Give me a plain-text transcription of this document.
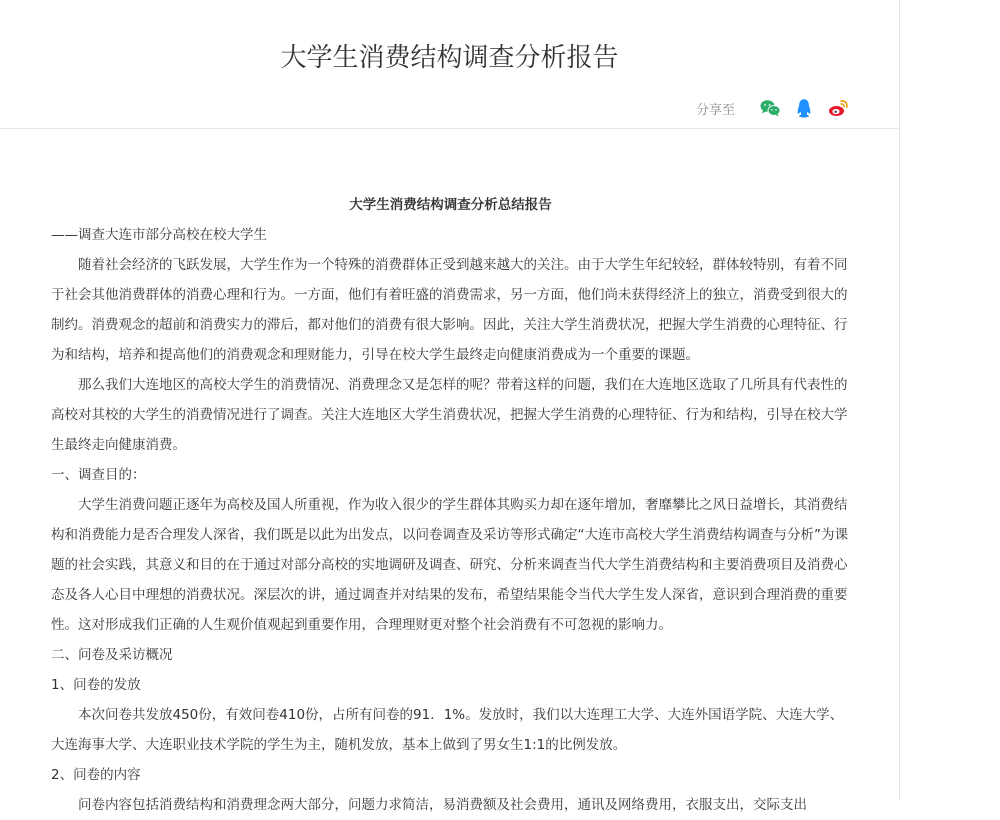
大学生消费结构调查分析报告
分享至

大学生消费结构调查分析总结报告

——调查大连市部分高校在校大学生

随着社会经济的飞跃发展，大学生作为一个特殊的消费群体正受到越来越大的关注。由于大学生年纪较轻，群体较特别，有着不同于社会其他消费群体的消费心理和行为。一方面，他们有着旺盛的消费需求，另一方面，他们尚未获得经济上的独立，消费受到很大的制约。消费观念的超前和消费实力的滞后，都对他们的消费有很大影响。因此，关注大学生消费状况，把握大学生消费的心理特征、行为和结构，培养和提高他们的消费观念和理财能力，引导在校大学生最终走向健康消费成为一个重要的课题。

那么我们大连地区的高校大学生的消费情况、消费理念又是怎样的呢？带着这样的问题，我们在大连地区选取了几所具有代表性的高校对其校的大学生的消费情况进行了调查。关注大连地区大学生消费状况，把握大学生消费的心理特征、行为和结构，引导在校大学生最终走向健康消费。

一、调查目的：

大学生消费问题正逐年为高校及国人所重视，作为收入很少的学生群体其购买力却在逐年增加，奢靡攀比之风日益增长，其消费结构和消费能力是否合理发人深省，我们既是以此为出发点，以问卷调查及采访等形式确定“大连市高校大学生消费结构调查与分析”为课题的社会实践，其意义和目的在于通过对部分高校的实地调研及调查、研究、分析来调查当代大学生消费结构和主要消费项目及消费心态及各人心目中理想的消费状况。深层次的讲，通过调查并对结果的发布，希望结果能令当代大学生发人深省，意识到合理消费的重要性。这对形成我们正确的人生观价值观起到重要作用，合理理财更对整个社会消费有不可忽视的影响力。

二、问卷及采访概况

1、问卷的发放

本次问卷共发放450份，有效问卷410份，占所有问卷的91．1%。发放时，我们以大连理工大学、大连外国语学院、大连大学、大连海事大学、大连职业技术学院的学生为主，随机发放，基本上做到了男女生1:1的比例发放。

2、问卷的内容

问卷内容包括消费结构和消费理念两大部分，问题力求简洁，易消费额及社会费用，通讯及网络费用，衣服支出，交际支出
